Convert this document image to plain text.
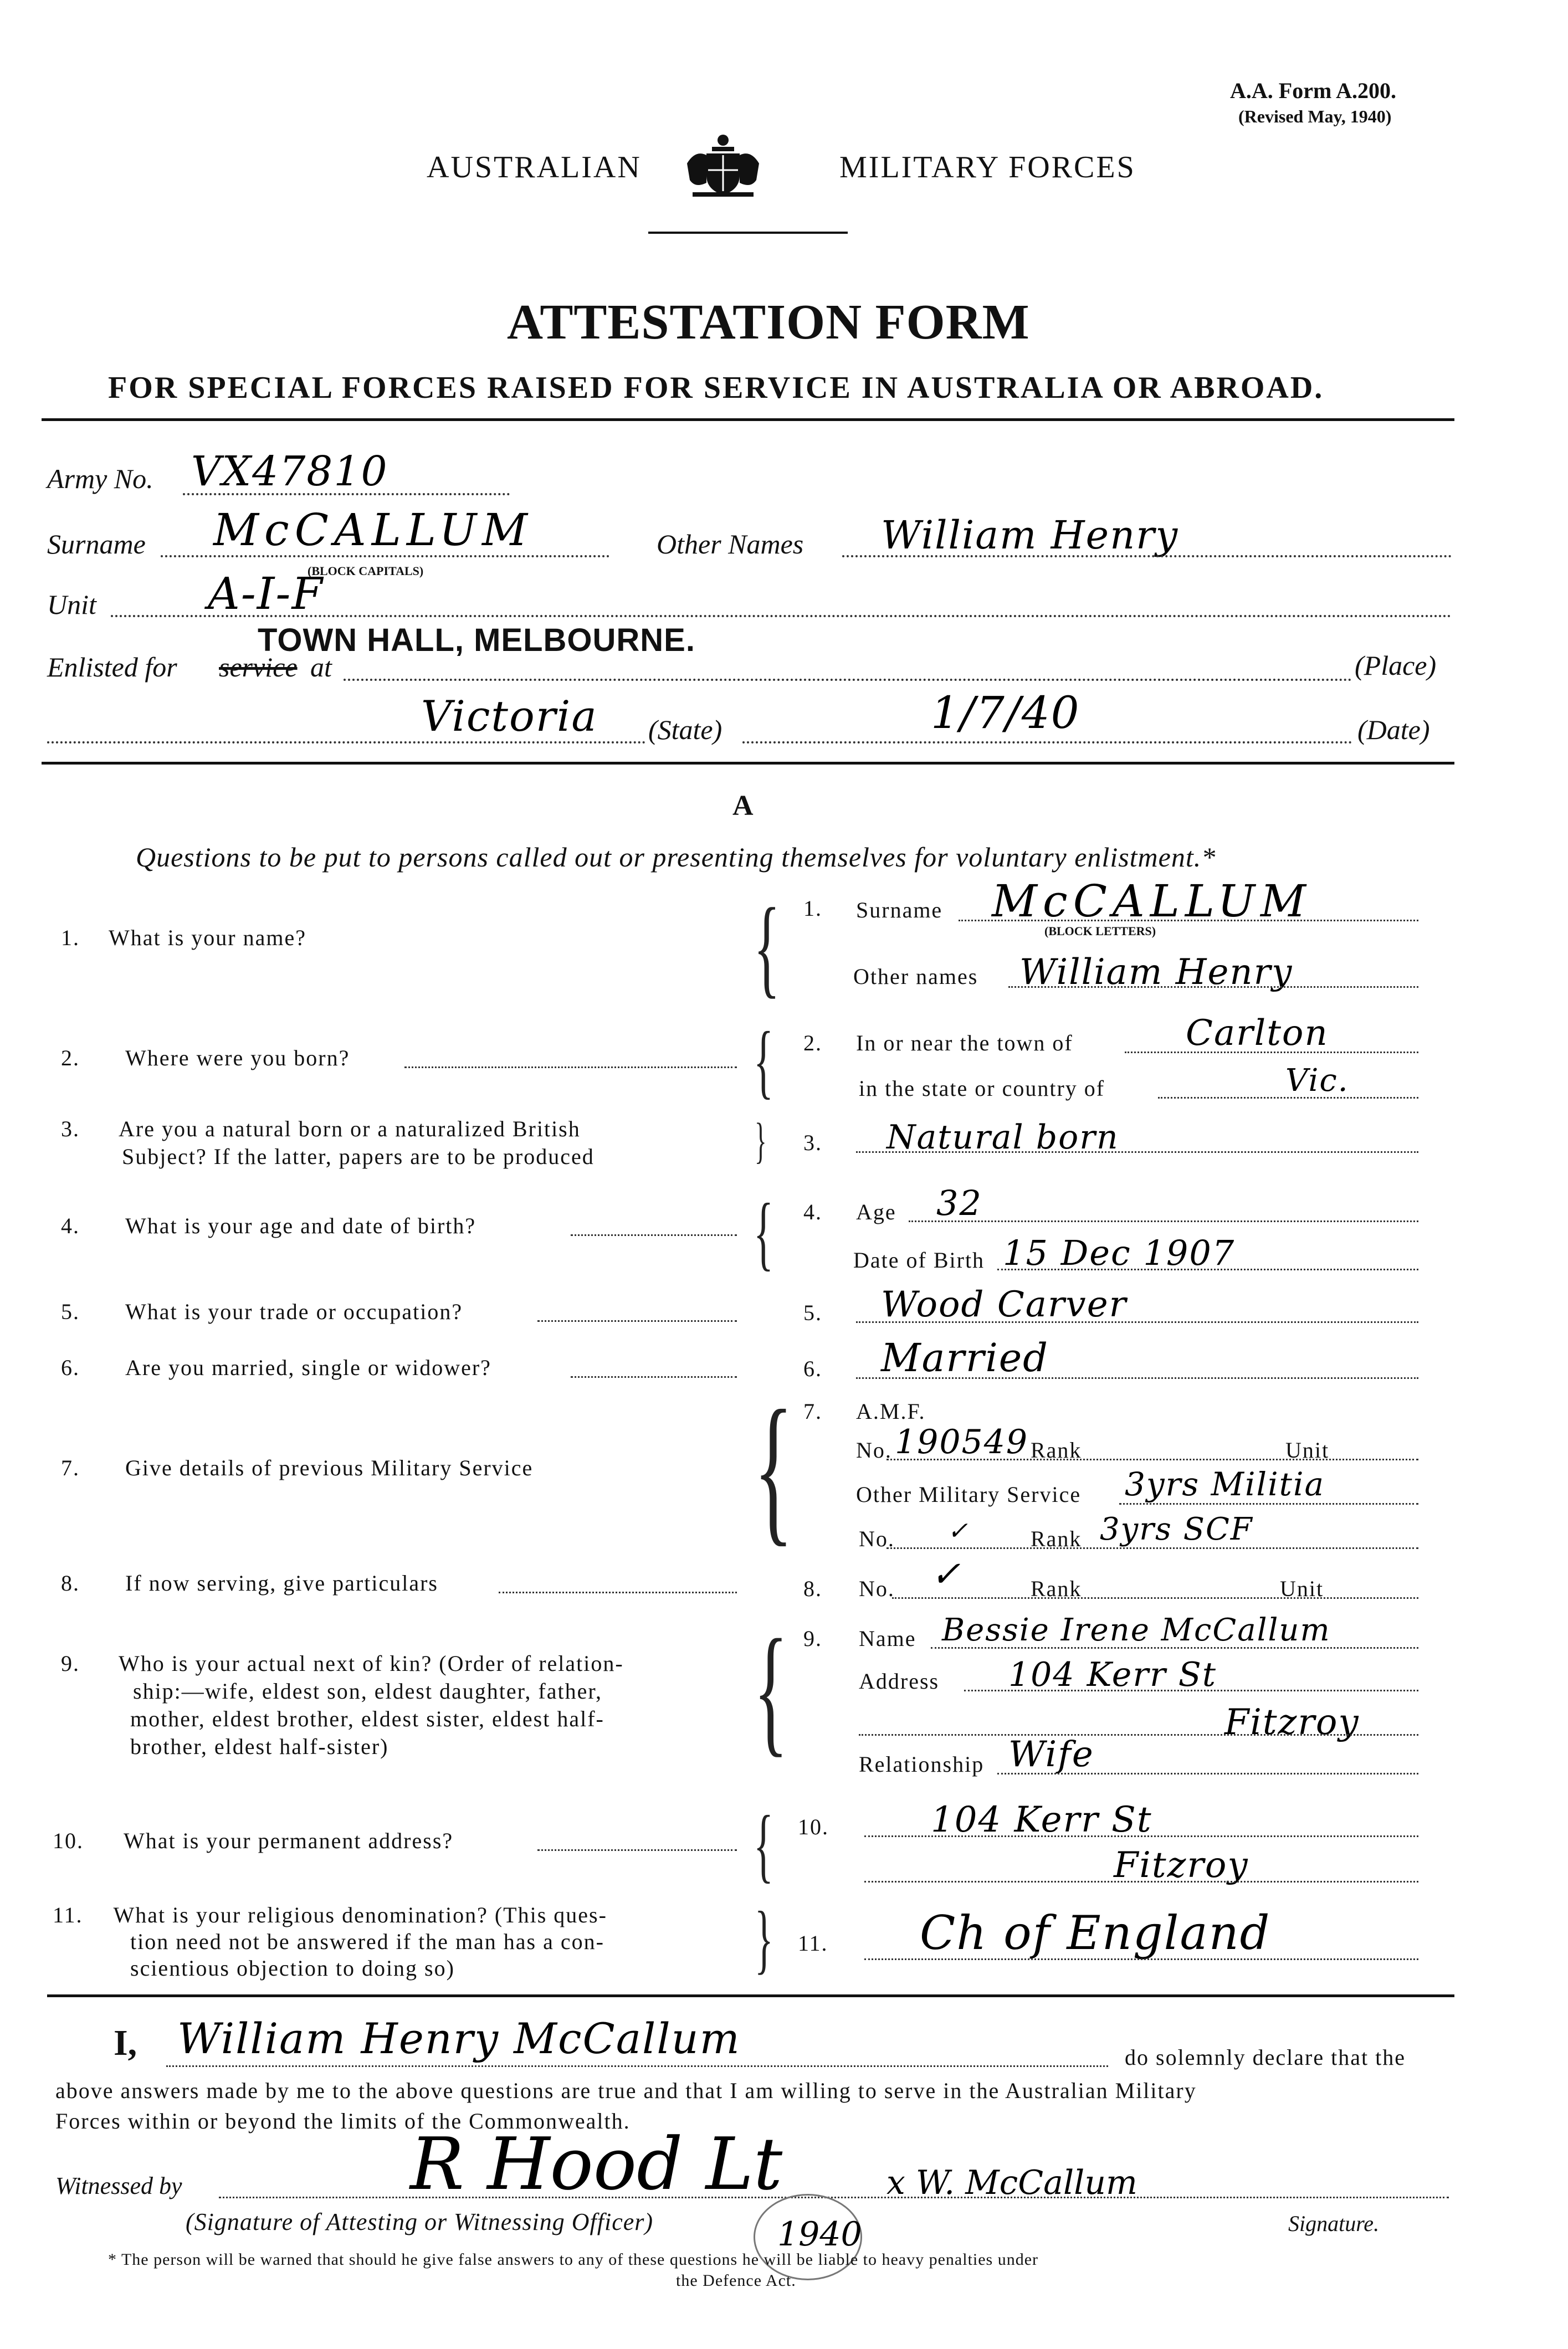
A.A. Form A.200.
(Revised May, 1940)
AUSTRALIAN	MILITARY FORCES
ATTESTATION FORM
FOR SPECIAL FORCES RAISED FOR SERVICE IN AUSTRALIA OR ABROAD.
Army No. VX47810
Surname McCALLUM	Other Names William Henry
(BLOCK CAPITALS)
Unit	A-I-F
Enlisted for service at
TOWN HALL, MELBOURNE.
(Place)
Victoria (State)	1/7/40	(Date)
A
Questions to be put to persons called out or presenting themselves for voluntary enlistment.*
1. What is your name?
2. Where were you born?
3. Are you a natural born or a naturalized British
Subject? If the latter, papers are to be produced
4. What is your age and date of birth?
5. What is your trade or occupation?
6. Are you married, single or widower?
7. Give details of previous Military Service
8. If now serving, give particulars
9. Who is your actual next of kin? (Order of relation-
ship:—wife, eldest son, eldest daughter, father,
mother, eldest brother, eldest sister, eldest half-
brother, eldest half-sister)
10. What is your permanent address?
11. What is your religious denomination? (This ques-
tion need not be answered if the man has a con-
scientious objection to doing so)
{
{
}
{
{
{
{
}
1. Surname McCALLUM
(BLOCK LETTERS)
Other names William Henry
2. In or near the town of	Carlton
in the state or country of	Vic.
3. Natural born
4. Age 32
Date of Birth 15 Dec 1907
5. Wood Carver
6. Married
7. A.M.F.
No. 190549 Rank	Unit
Other Military Service 3yrs Militia
No. ✓	Rank 3yrs SCF
8. No. ✓	Rank	Unit
9. Name Bessie Irene McCallum
Address 104 Kerr St
Fitzroy
Relationship Wife
10.	104 Kerr St
Fitzroy
11. Ch of England
I, William Henry McCallum	do solemnly declare that the
above answers made by me to the above questions are true and that I am willing to serve in the Australian Military
Forces within or beyond the limits of the Commonwealth.
Witnessed by	R Hood Lt	x W. McCallum
(Signature of Attesting or Witnessing Officer)	Signature.
1940
* The person will be warned that should he give false answers to any of these questions he will be liable to heavy penalties under
the Defence Act.
